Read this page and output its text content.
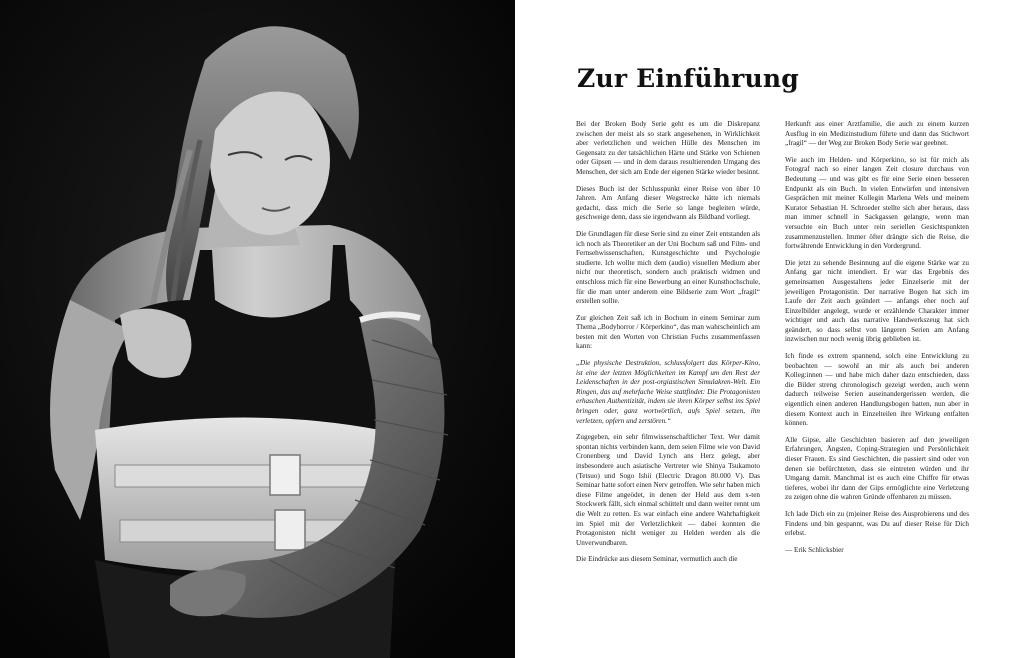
Zur Einführung

Bei der Broken Body Serie geht es um die Diskrepanz zwischen der meist als so stark angesehenen, in Wirklichkeit aber verletzlichen und weichen Hülle des Menschen im Gegensatz zu der tatsächlichen Härte und Stärke von Schienen oder Gipsen — und in dem daraus resultierenden Umgang des Menschen, der sich am Ende der eigenen Stärke wieder besinnt.

Dieses Buch ist der Schlusspunkt einer Reise von über 10 Jahren. Am Anfang dieser Wegstrecke hätte ich niemals gedacht, dass mich die Serie so lange begleiten würde, geschweige denn, dass sie irgendwann als Bildband vorliegt.

Die Grundlagen für diese Serie sind zu einer Zeit entstanden als ich noch als Theoretiker an der Uni Bochum saß und Film- und Fernsehwissenschaften, Kunstgeschichte und Psychologie studierte. Ich wollte mich dem (audio) visuellen Medium aber nicht nur theoretisch, sondern auch praktisch widmen und entschloss mich für eine Bewerbung an einer Kunsthochschule, für die man unter anderem eine Bildserie zum Wort „fragil“ erstellen sollte.

Zur gleichen Zeit saß ich in Bochum in einem Seminar zum Thema „Bodyhorror / Körperkino“, das man wahrscheinlich am besten mit den Worten von Christian Fuchs zusammenfassen kann:

„Die physische Destruktion, schlussfolgert das Körper-Kino, ist eine der letzten Möglichkeiten im Kampf um den Rest der Leidenschaften in der post-orgiastischen Simulakren-Welt. Ein Ringen, das auf mehrfache Weise stattfindet: Die Protagonisten erhaschen Authentizität, indem sie ihren Körper selbst ins Spiel bringen oder, ganz wortwörtlich, aufs Spiel setzen, ihn verletzen, opfern und zerstören.“

Zugegeben, ein sehr filmwissenschaftlicher Text. Wer damit spontan nichts verbinden kann, dem seien Filme wie von David Cronenberg und David Lynch ans Herz gelegt, aber insbesondere auch asiatische Vertreter wie Shinya Tsukamoto (Tetsuo) und Sogo Ishii (Electric Dragon 80.000 V). Das Seminar hatte sofort einen Nerv getroffen. Wie sehr haben mich diese Filme angeödet, in denen der Held aus dem x-ten Stockwerk fällt, sich einmal schüttelt und dann weiter rennt um die Welt zu retten. Es war einfach eine andere Wahrhaftigkeit im Spiel mit der Verletzlichkeit — dabei konnten die Protagonisten nicht weniger zu Helden werden als die Unverwundbaren.

Die Eindrücke aus diesem Seminar, vermutlich auch die

Herkunft aus einer Arztfamilie, die auch zu einem kurzen Ausflug in ein Medizinstudium führte und dann das Stichwort „fragil“ — der Weg zur Broken Body Serie war geebnet.

Wie auch im Helden- und Körperkino, so ist für mich als Fotograf nach so einer langen Zeit closure durchaus von Bedeutung — und was gibt es für eine Serie einen besseren Endpunkt als ein Buch. In vielen Entwürfen und intensiven Gesprächen mit meiner Kollegin Marlena Wels und meinem Kurator Sebastian H. Schroeder stellte sich aber heraus, dass man immer schnell in Sackgassen gelangte, wenn man versuchte ein Buch unter rein seriellen Gesichtspunkten zusammenzustellen. Immer öfter drängte sich die Reise, die fortwährende Entwicklung in den Vordergrund.

Die jetzt zu sehende Besinnung auf die eigene Stärke war zu Anfang gar nicht intendiert. Er war das Ergebnis des gemeinsamen Ausgestaltens jeder Einzelserie mit der jeweiligen Protagonistin. Der narrative Bogen hat sich im Laufe der Zeit auch geändert — anfangs eher noch auf Einzelbilder angelegt, wurde er erzählende Charakter immer wichtiger und auch das narrative Handwerkszeug hat sich geändert, so dass selbst von längeren Serien am Anfang inzwischen nur noch wenig übrig geblieben ist.

Ich finde es extrem spannend, solch eine Entwicklung zu beobachten — sowohl an mir als auch bei anderen Kolleg:innen — und habe mich daher dazu entschieden, dass die Bilder streng chronologisch gezeigt werden, auch wenn dadurch teilweise Serien auseinandergerissen werden, die eigentlich einen anderen Handlungsbogen hatten, nun aber in diesem Kontext auch in Einzelteilen ihre Wirkung entfalten können.

Alle Gipse, alle Geschichten basieren auf den jeweiligen Erfahrungen, Ängsten, Coping-Strategien und Persönlichkeit dieser Frauen. Es sind Geschichten, die passiert sind oder von denen sie befürchteten, dass sie eintreten würden und ihr Umgang damit. Manchmal ist es auch eine Chiffre für etwas tieferes, wobei ihr dann der Gips ermöglichte eine Verletzung zu zeigen ohne die wahren Gründe offenbaren zu müssen.

Ich lade Dich ein zu (m)einer Reise des Ausprobierens und des Findens und bin gespannt, was Du auf dieser Reise für Dich erlebst.

— Erik Schlicksbier
